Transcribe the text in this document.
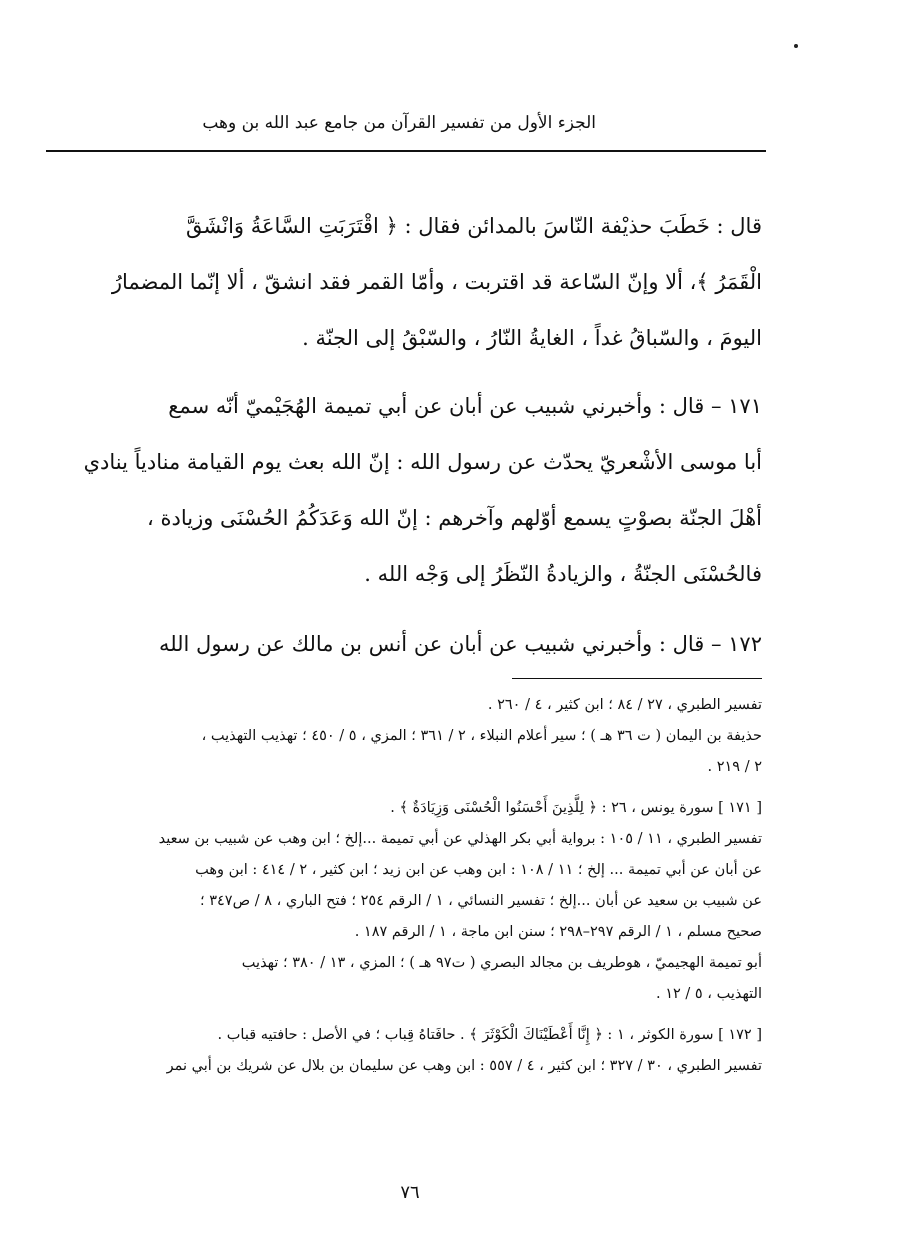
الجزء الأول من تفسير القرآن من جامع عبد الله بن وهب
قال : خَطَبَ حذيْفة النّاسَ بالمدائن فقال : ﴿ اقْتَرَبَتِ السَّاعَةُ وَانْشَقَّ
الْقَمَرُ ﴾، ألا وإنّ السّاعة قد اقتربت ، وأمّا القمر فقد انشقّ ، ألا إنّما المضمارُ
اليومَ ، والسّباقُ غداً ، الغايةُ النّارُ ، والسّبْقُ إلى الجنّة .
١٧١ – قال : وأخبرني شبيب عن أبان عن أبي تميمة الهُجَيْميّ أنّه سمع
أبا موسى الأشْعريّ يحدّث عن رسول الله : إنّ الله بعث يوم القيامة منادياً ينادي
أهْلَ الجنّة بصوْتٍ يسمع أوّلهم وآخرهم : إنّ الله وَعَدَكُمُ الحُسْنَى وزيادة ،
فالحُسْنَى الجنّةُ ، والزيادةُ النّظَرُ إلى وَجْه الله .
١٧٢ – قال : وأخبرني شبيب عن أبان عن أنس بن مالك عن رسول الله
تفسير الطبري ، ٢٧ / ٨٤ ؛ ابن كثير ، ٤ / ٢٦٠ .
حذيفة بن اليمان ( ت ٣٦ هـ ) ؛ سير أعلام النبلاء ، ٢ / ٣٦١ ؛ المزي ، ٥ / ٤٥٠ ؛ تهذيب التهذيب ،
٢ / ٢١٩ .
[ ١٧١ ] سورة يونس ، ٢٦ : ﴿ لِلَّذِينَ أَحْسَنُوا الْحُسْنَى وَزِيَادَةٌ ﴾ .
تفسير الطبري ، ١١ / ١٠٥ : برواية أبي بكر الهذلي عن أبي تميمة ...إلخ ؛ ابن وهب عن شبيب بن سعيد
عن أبان عن أبي تميمة ... إلخ ؛ ١١ / ١٠٨ : ابن وهب عن ابن زيد ؛ ابن كثير ، ٢ / ٤١٤ : ابن وهب
عن شبيب بن سعيد عن أبان ...إلخ ؛ تفسير النسائي ، ١ / الرقم ٢٥٤ ؛ فتح الباري ، ٨ / ص٣٤٧ ؛
صحيح مسلم ، ١ / الرقم ٢٩٧–٢٩٨ ؛ سنن ابن ماجة ، ١ / الرقم ١٨٧ .
أبو تميمة الهجيميّ ، هوطريف بن مجالد البصري ( ت٩٧ هـ ) ؛ المزي ، ١٣ / ٣٨٠ ؛ تهذيب
التهذيب ، ٥ / ١٢ .
[ ١٧٢ ] سورة الكوثر ، ١ : ﴿ إِنَّا أَعْطَيْنَاكَ الْكَوْثَرَ ﴾ . حافَتاهُ قِباب ؛ في الأصل : حافتيه قباب .
تفسير الطبري ، ٣٠ / ٣٢٧ ؛ ابن كثير ، ٤ / ٥٥٧ : ابن وهب عن سليمان بن بلال عن شريك بن أبي نمر
٧٦
